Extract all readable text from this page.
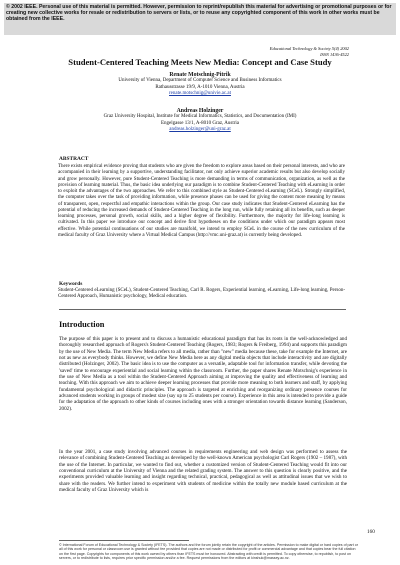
© 2002 IEEE. Personal use of this material is permitted. However, permission to reprint/republish this material for advertising or promotional purposes or for creating new collective works for resale or redistribution to servers or lists, or to reuse any copyrighted component of this work in other works must be obtained from the IEEE.
Educational Technology & Society 5(4) 2002
ISSN 1436-4522
Student-Centered Teaching Meets New Media: Concept and Case Study
Renate Motschnig-Pitrik
University of Vienna, Department of Computer Science and Business Informatics
Rathausstrasse 19/9, A-1010 Vienna, Austria
renate.motschnig@univie.ac.at
Andreas Holzinger
Graz University Hospital, Institute for Medical Informatics, Statistics, and Documentation (IMI)
Engelgasse 13/1, A-8010 Graz, Austria
andreas.holzinger@uni-graz.at
ABSTRACT

There exists empirical evidence proving that students who are given the freedom to explore areas based on their personal interests, and who are accompanied in their learning by a supportive, understanding facilitator, not only achieve superior academic results but also develop socially and grow personally. However, pure Student-Centered Teaching is more demanding in terms of communication, organization, as well as the provision of learning material. Thus, the basic idea underlying our paradigm is to combine Student-Centered Teaching with eLearning in order to exploit the advantages of the two approaches. We refer to this combined style as Student-Centered eLearning (SCeL). Strongly simplified, the computer takes over the task of providing information, while presence phases can be used for giving the content more meaning by means of transparent, open, respectful and empathic interactions within the group. Our case study indicates that Student-Centered eLearning has the potential of reducing the increased demands of Student-Centered Teaching in the long run, while fully retaining all its benefits, such as deeper learning processes, personal growth, social skills, and a higher degree of flexibility. Furthermore, the majority for life-long learning is cultivated. In this paper we introduce our concept and derive first hypotheses on the conditions under which our paradigm appears most effective. While potential continuations of our studies are manifold, we intend to employ SCeL in the course of the new curriculum of the medical faculty of Graz University where a Virtual Medical Campus (http://vmc.uni-graz.at) is currently being developed.

Keywords

Student-Centered eLearning (SCeL), Student-Centered Teaching, Carl R. Rogers, Experiential learning, eLearning, Life-long learning, Person-Centered Approach, Humanistic psychology, Medical education.

Introduction

The purpose of this paper is to present and to discuss a humanistic educational paradigm that has its roots in the well-acknowledged and thoroughly researched approach of Rogers's Student-Centered Teaching (Rogers, 1983; Rogers & Freiberg, 1994) and supports this paradigm by the use of New Media. The term New Media refers to all media, rather than "new" media because these, take for example the Internet, are not as new as everybody thinks. However, we define New Media here as any digital media objects that include interactivity and are digitally distributed (Holzinger, 2002). The basic idea is to use the computer as a versatile, adaptable tool for information transfer, while devoting the 'saved' time to encourage experiential and social learning within the classroom. Further, the paper shares Renate Motschnig's experience in the use of New Media as a tool within the Student-Centered Approach aiming at improving the quality and effectiveness of learning and teaching. With this approach we aim to achieve deeper learning processes that provide more meaning to both learners and staff, by applying fundamental psychological and didactic principles. The approach is targeted at enriching and reorganizing ordinary presence courses for advanced students working in groups of modest size (say up to 25 students per course). Experience in this area is intended to provide a guide for the adaptation of the approach to other kinds of courses including ones with a stronger orientation towards distance learning (Sanderson, 2002).

In the year 2001, a case study involving advanced courses in requirements engineering and web design was performed to assess the relevance of combining Student-Centered Teaching as developed by the well-known American psychologist Carl Rogers (1902 – 1987), with the use of the Internet. In particular, we wanted to find out, whether a customized version of Student-Centered Teaching would fit into our conventional curriculum at the University of Vienna and the related grading system. The answer to this question is clearly positive, and the experiments provided valuable learning and insight regarding technical, practical, pedagogical as well as attitudinal issues that we wish to share with the readers. We further intend to experiment with students of medicine within the totally new module based curriculum at the medical faculty of Graz University which is

© International Forum of Educational Technology & Society (IFETS). The authors and the forum jointly retain the copyright of the articles. Permission to make digital or hard copies of part or all of this work for personal or classroom use is granted without fee provided that copies are not made or distributed for profit or commercial advantage and that copies bear the full citation on the first page. Copyrights for components of this work owned by others than IFETS must be honoured. Abstracting with credit is permitted. To copy otherwise, to republish, to post on servers, or to redistribute to lists, requires prior specific permission and/or a fee. Request permissions from the editors at kinshuk@massey.ac.nz.

160
